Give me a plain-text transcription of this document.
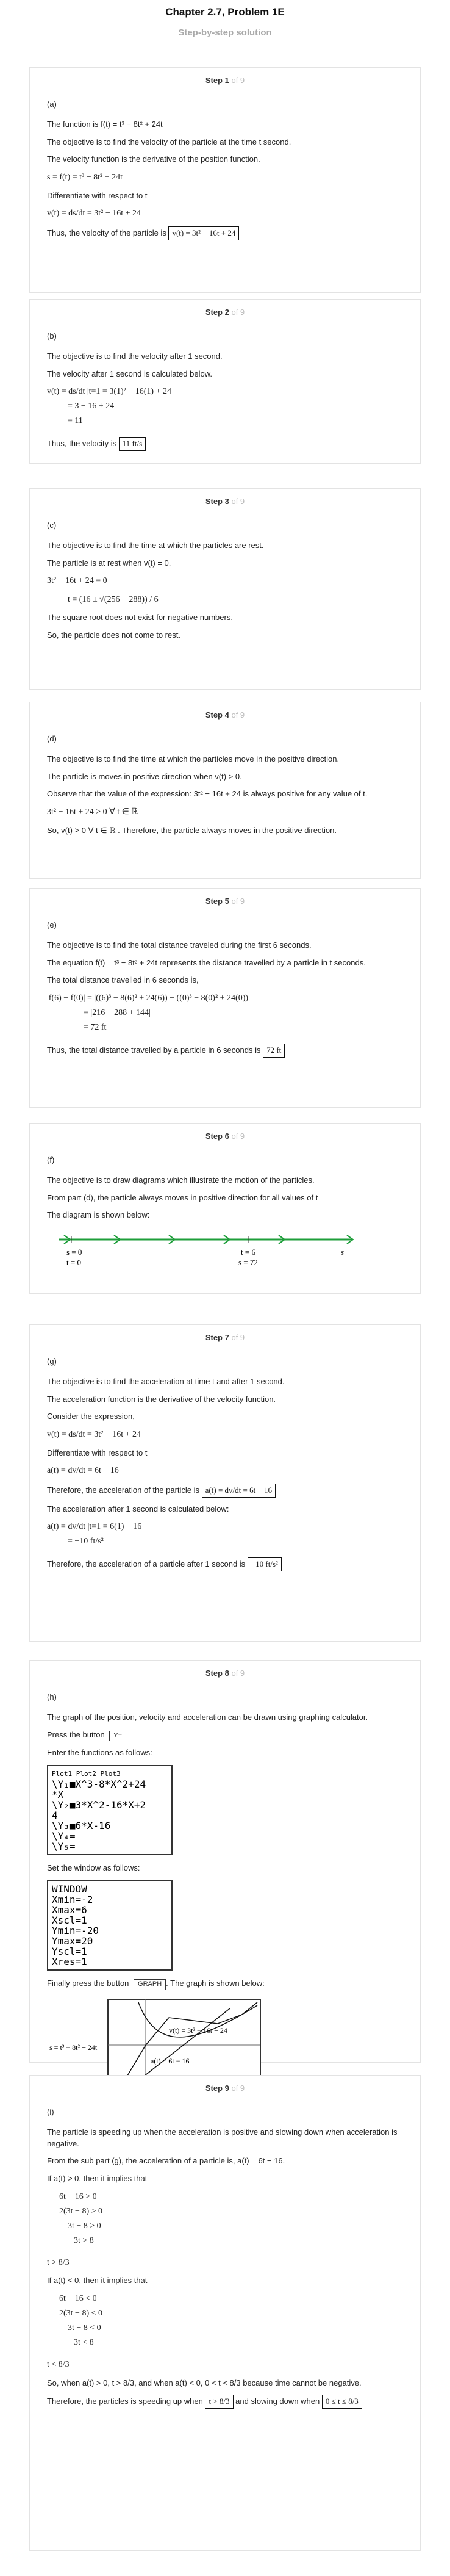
Chapter 2.7, Problem 1E
Step-by-step solution
Step 1 of 9
(a)

The function is f(t) = t³ − 8t² + 24t

The objective is to find the velocity of the particle at the time t second.

The velocity function is the derivative of the position function.

s = f(t) = t³ − 8t² + 24t

Differentiate with respect to t

v(t) = ds/dt = 3t² − 16t + 24

Thus, the velocity of the particle is v(t) = 3t² − 16t + 24

Step 2 of 9
(b)

The objective is to find the velocity after 1 second.

The velocity after 1 second is calculated below.

v(t) = ds/dt |t=1 = 3(1)² − 16(1) + 24
= 3 − 16 + 24
= 11

Thus, the velocity is 11 ft/s

Step 3 of 9
(c)

The objective is to find the time at which the particles are rest.

The particle is at rest when v(t) = 0.

3t² − 16t + 24 = 0
t = (16 ± √(256 − 288)) / 6

The square root does not exist for negative numbers.

So, the particle does not come to rest.

Step 4 of 9
(d)

The objective is to find the time at which the particles move in the positive direction.

The particle is moves in positive direction when v(t) > 0.

Observe that the value of the expression: 3t² − 16t + 24 is always positive for any value of t.

3t² − 16t + 24 > 0 ∀ t ∈ ℝ

So, v(t) > 0 ∀ t ∈ ℝ . Therefore, the particle always moves in the positive direction.

Step 5 of 9
(e)

The objective is to find the total distance traveled during the first 6 seconds.

The equation f(t) = t³ − 8t² + 24t represents the distance travelled by a particle in t seconds.

The total distance travelled in 6 seconds is,

|f(6) − f(0)| = |((6)³ − 8(6)² + 24(6)) − ((0)³ − 8(0)² + 24(0))|
= |216 − 288 + 144|
= 72 ft

Thus, the total distance travelled by a particle in 6 seconds is 72 ft

Step 6 of 9
(f)

The objective is to draw diagrams which illustrate the motion of the particles.

From part (d), the particle always moves in positive direction for all values of t

The diagram is shown below:

s = 0
t = 0
t = 6
s = 72
s
Step 7 of 9
(g)

The objective is to find the acceleration at time t and after 1 second.

The acceleration function is the derivative of the velocity function.

Consider the expression,

v(t) = ds/dt = 3t² − 16t + 24

Differentiate with respect to t

a(t) = dv/dt = 6t − 16

Therefore, the acceleration of the particle is a(t) = dv/dt = 6t − 16

The acceleration after 1 second is calculated below:

a(t) = dv/dt |t=1 = 6(1) − 16
= −10 ft/s²

Therefore, the acceleration of a particle after 1 second is −10 ft/s²

Step 8 of 9
(h)

The graph of the position, velocity and acceleration can be drawn using graphing calculator.

Press the button Y=

Enter the functions as follows:

Plot1 Plot2 Plot3
\Y₁■X^3-8*X^2+24
*X
\Y₂■3*X^2-16*X+2
4
\Y₃■6*X-16
\Y₄=
\Y₅=

Set the window as follows:

WINDOW
Xmin=-2
Xmax=6
Xscl=1
Ymin=-20
Ymax=20
Yscl=1
Xres=1

Finally press the button GRAPH . The graph is shown below:

s = t³ − 8t² + 24t
v(t) = 3t² − 16t + 24
a(t) = 6t − 16
Step 9 of 9
(i)

The particle is speeding up when the acceleration is positive and slowing down when acceleration is negative.

From the sub part (g), the acceleration of a particle is, a(t) = 6t − 16.

If a(t) > 0, then it implies that

6t − 16 > 0
2(3t − 8) > 0
3t − 8 > 0
3t > 8
t > 8/3

If a(t) < 0, then it implies that

6t − 16 < 0
2(3t − 8) < 0
3t − 8 < 0
3t < 8
t < 8/3

So, when a(t) > 0, t > 8/3, and when a(t) < 0, 0 < t < 8/3 because time cannot be negative.

Therefore, the particles is speeding up when t > 8/3 and slowing down when 0 ≤ t ≤ 8/3
